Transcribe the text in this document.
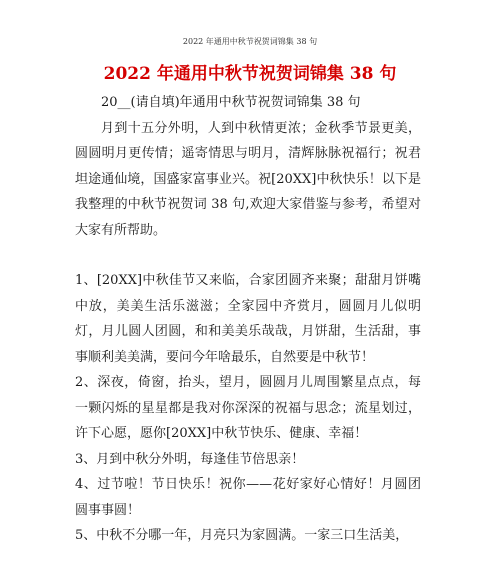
2022 年通用中秋节祝贺词锦集 38 句
2022 年通用中秋节祝贺词锦集 38 句

20__(请自填)年通用中秋节祝贺词锦集 38 句

月到十五分外明，人到中秋情更浓；金秋季节景更美，圆圆明月更传情；遥寄情思与明月，清辉脉脉祝福行；祝君坦途通仙境，国盛家富事业兴。祝[20XX]中秋快乐！以下是我整理的中秋节祝贺词 38 句,欢迎大家借鉴与参考，希望对大家有所帮助。

1、[20XX]中秋佳节又来临，合家团圆齐来聚；甜甜月饼嘴中放，美美生活乐滋滋；全家园中齐赏月，圆圆月儿似明灯，月儿圆人团圆，和和美美乐哉哉，月饼甜，生活甜，事事顺利美美满，要问今年啥最乐，自然要是中秋节！

2、深夜，倚窗，抬头，望月，圆圆月儿周围繁星点点，每一颗闪烁的星星都是我对你深深的祝福与思念；流星划过，许下心愿，愿你[20XX]中秋节快乐、健康、幸福！

3、月到中秋分外明，每逢佳节倍思亲！

4、过节啦！节日快乐！祝你——花好家好心情好！月圆团圆事事圆！

5、中秋不分哪一年，月亮只为家圆满。一家三口生活美，
